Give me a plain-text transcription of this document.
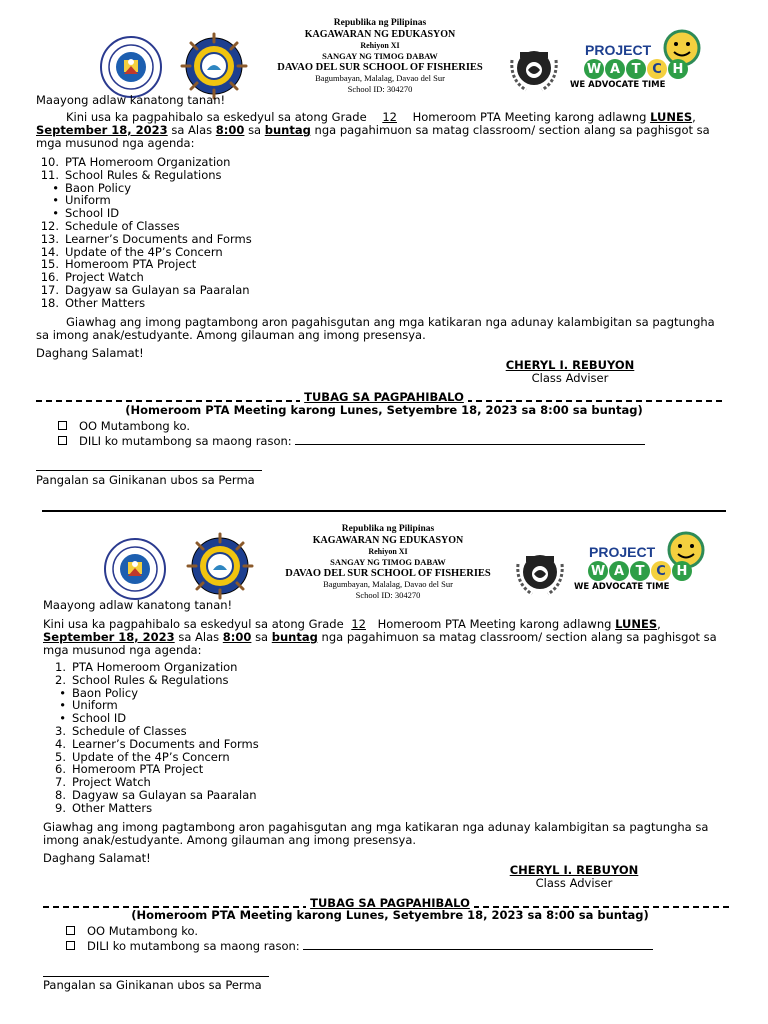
Republika ng Pilipinas
KAGAWARAN NG EDUKASYON
Rehiyon XI
SANGAY NG TIMOG DABAW
DAVAO DEL SUR SCHOOL OF FISHERIES
Bagumbayan, Malalag, Davao del Sur
School ID: 304270
PROJECT
W A T C H
WE ADVOCATE TIME
Maayong adlaw kanatong tanan!
Kini usa ka pagpahibalo sa eskedyul sa atong Grade 12 Homeroom PTA Meeting karong adlawng LUNES, September 18, 2023 sa Alas 8:00 sa buntag nga pagahimuon sa matag classroom/ section alang sa paghisgot sa mga musunod nga agenda:
10. PTA Homeroom Organization
11. School Rules & Regulations
• Baon Policy
• Uniform
• School ID
12. Schedule of Classes
13. Learner’s Documents and Forms
14. Update of the 4P’s Concern
15. Homeroom PTA Project
16. Project Watch
17. Dagyaw sa Gulayan sa Paaralan
18. Other Matters
Giawhag ang imong pagtambong aron pagahisgutan ang mga katikaran nga adunay kalambigitan sa pagtungha sa imong anak/estudyante. Among gilauman ang imong presensya.
Daghang Salamat!
CHERYL I. REBUYON
Class Adviser
TUBAG SA PAGPAHIBALO
(Homeroom PTA Meeting karong Lunes, Setyembre 18, 2023 sa 8:00 sa buntag)
OO Mutambong ko.
DILI ko mutambong sa maong rason:
Pangalan sa Ginikanan ubos sa Perma
Republika ng Pilipinas
KAGAWARAN NG EDUKASYON
Rehiyon XI
SANGAY NG TIMOG DABAW
DAVAO DEL SUR SCHOOL OF FISHERIES
Bagumbayan, Malalag, Davao del Sur
School ID: 304270
PROJECT
W A T C H
WE ADVOCATE TIME
Maayong adlaw kanatong tanan!
Kini usa ka pagpahibalo sa eskedyul sa atong Grade 12 Homeroom PTA Meeting karong adlawng LUNES, September 18, 2023 sa Alas 8:00 sa buntag nga pagahimuon sa matag classroom/ section alang sa paghisgot sa mga musunod nga agenda:
1. PTA Homeroom Organization
2. School Rules & Regulations
• Baon Policy
• Uniform
• School ID
3. Schedule of Classes
4. Learner’s Documents and Forms
5. Update of the 4P’s Concern
6. Homeroom PTA Project
7. Project Watch
8. Dagyaw sa Gulayan sa Paaralan
9. Other Matters
Giawhag ang imong pagtambong aron pagahisgutan ang mga katikaran nga adunay kalambigitan sa pagtungha sa imong anak/estudyante. Among gilauman ang imong presensya.
Daghang Salamat!
CHERYL I. REBUYON
Class Adviser
TUBAG SA PAGPAHIBALO
(Homeroom PTA Meeting karong Lunes, Setyembre 18, 2023 sa 8:00 sa buntag)
OO Mutambong ko.
DILI ko mutambong sa maong rason:
Pangalan sa Ginikanan ubos sa Perma
